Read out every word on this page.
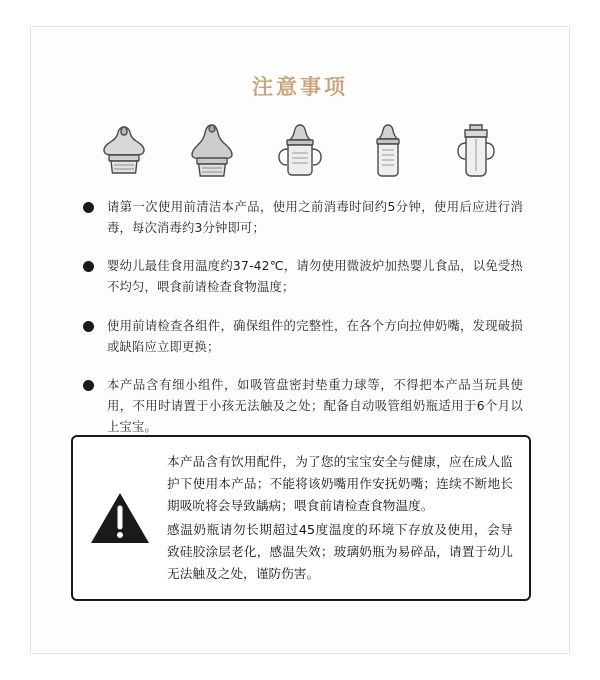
注意事项

请第一次使用前清洁本产品，使用之前消毒时间约5分钟，使用后应进行消毒，每次消毒约3分钟即可；

婴幼儿最佳食用温度约37-42℃，请勿使用微波炉加热婴儿食品，以免受热不均匀，喂食前请检查食物温度；

使用前请检查各组件，确保组件的完整性，在各个方向拉伸奶嘴，发现破损或缺陷应立即更换；

本产品含有细小组件，如吸管盘密封垫重力球等，不得把本产品当玩具使用，不用时请置于小孩无法触及之处；配备自动吸管组奶瓶适用于6个月以上宝宝。

本产品含有饮用配件，为了您的宝宝安全与健康，应在成人监护下使用本产品；不能将该奶嘴用作安抚奶嘴；连续不断地长期吸吮将会导致龋病；喂食前请检查食物温度。

感温奶瓶请勿长期超过45度温度的环境下存放及使用，会导致硅胶涂层老化，感温失效；玻璃奶瓶为易碎品，请置于幼儿无法触及之处，谨防伤害。
